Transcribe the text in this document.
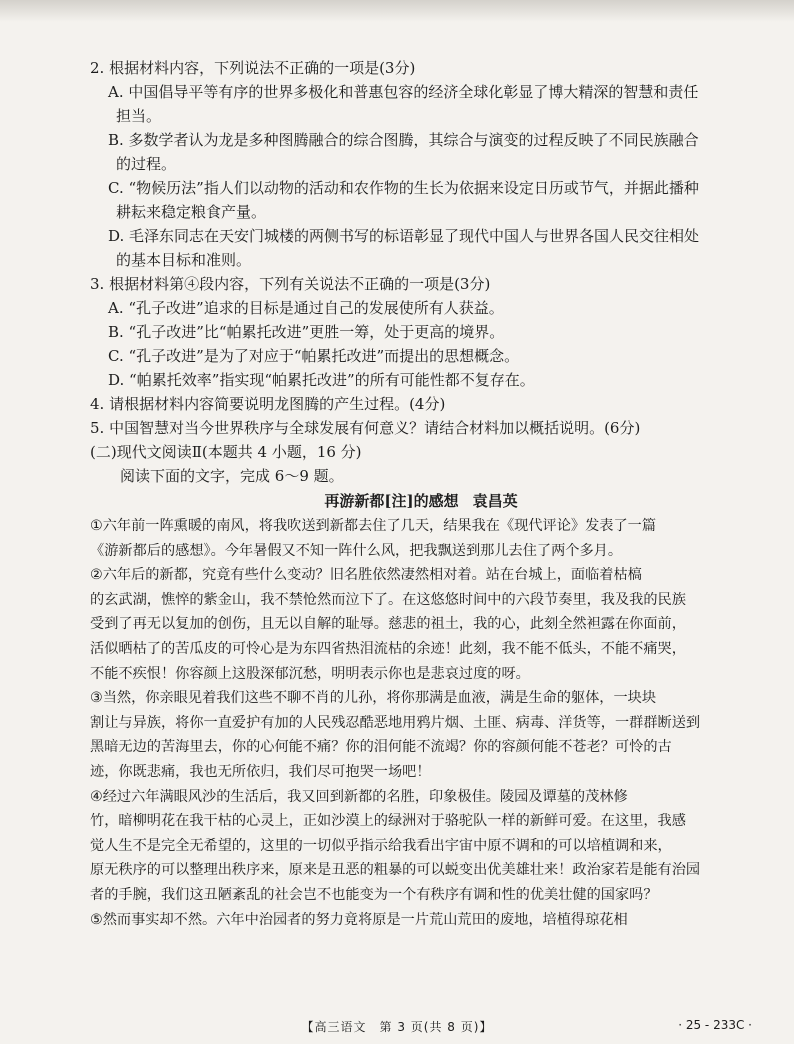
2. 根据材料内容，下列说法不正确的一项是(3分)
A. 中国倡导平等有序的世界多极化和普惠包容的经济全球化彰显了博大精深的智慧和责任
担当。
B. 多数学者认为龙是多种图腾融合的综合图腾，其综合与演变的过程反映了不同民族融合
的过程。
C. “物候历法”指人们以动物的活动和农作物的生长为依据来设定日历或节气，并据此播种
耕耘来稳定粮食产量。
D. 毛泽东同志在天安门城楼的两侧书写的标语彰显了现代中国人与世界各国人民交往相处
的基本目标和准则。
3. 根据材料第④段内容，下列有关说法不正确的一项是(3分)
A. “孔子改进”追求的目标是通过自己的发展使所有人获益。
B. “孔子改进”比“帕累托改进”更胜一筹，处于更高的境界。
C. “孔子改进”是为了对应于“帕累托改进”而提出的思想概念。
D. “帕累托效率”指实现“帕累托改进”的所有可能性都不复存在。
4. 请根据材料内容简要说明龙图腾的产生过程。(4分)
5. 中国智慧对当今世界秩序与全球发展有何意义？请结合材料加以概括说明。(6分)
(二)现代文阅读Ⅱ(本题共 4 小题，16 分)
阅读下面的文字，完成 6～9 题。
再游新都[注]的感想 袁昌英
①六年前一阵熏暖的南风，将我吹送到新都去住了几天，结果我在《现代评论》发表了一篇
《游新都后的感想》。今年暑假又不知一阵什么风，把我飘送到那儿去住了两个多月。
②六年后的新都，究竟有些什么变动？旧名胜依然凄然相对着。站在台城上，面临着枯槁
的玄武湖，憔悴的紫金山，我不禁怆然而泣下了。在这悠悠时间中的六段节奏里，我及我的民族
受到了再无以复加的创伤，且无以自解的耻辱。慈悲的祖土，我的心，此刻全然袒露在你面前，
活似晒枯了的苦瓜皮的可怜心是为东四省热泪流枯的余迹！此刻，我不能不低头，不能不痛哭，
不能不疾恨！你容颜上这股深郁沉愁，明明表示你也是悲哀过度的呀。
③当然，你亲眼见着我们这些不聊不肖的儿孙，将你那满是血液，满是生命的躯体，一块块
割让与异族，将你一直爱护有加的人民残忍酷恶地用鸦片烟、土匪、病毒、洋货等，一群群断送到
黑暗无边的苦海里去，你的心何能不痛？你的泪何能不流竭？你的容颜何能不苍老？可怜的古
迹，你既悲痛，我也无所依归，我们尽可抱哭一场吧！
④经过六年满眼风沙的生活后，我又回到新都的名胜，印象极佳。陵园及谭墓的茂林修
竹，暗柳明花在我干枯的心灵上，正如沙漠上的绿洲对于骆驼队一样的新鲜可爱。在这里，我感
觉人生不是完全无希望的，这里的一切似乎指示给我看出宇宙中原不调和的可以培植调和来，
原无秩序的可以整理出秩序来，原来是丑恶的粗暴的可以蜕变出优美雄壮来！政治家若是能有治园
者的手腕，我们这丑陋紊乱的社会岂不也能变为一个有秩序有调和性的优美壮健的国家吗？
⑤然而事实却不然。六年中治园者的努力竟将原是一片荒山荒田的废地，培植得琼花相
【高三语文　第 3 页(共 8 页)】	· 25 - 233C ·
